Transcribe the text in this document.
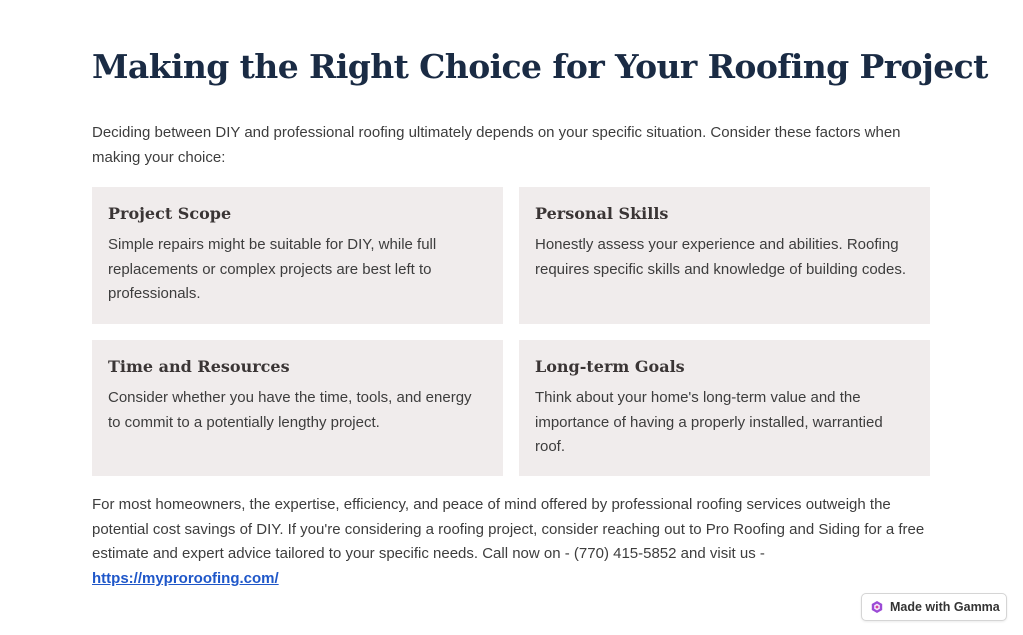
Making the Right Choice for Your Roofing Project

Deciding between DIY and professional roofing ultimately depends on your specific situation. Consider these factors when making your choice:

Project Scope

Simple repairs might be suitable for DIY, while full replacements or complex projects are best left to professionals.

Personal Skills

Honestly assess your experience and abilities. Roofing requires specific skills and knowledge of building codes.

Time and Resources

Consider whether you have the time, tools, and energy to commit to a potentially lengthy project.

Long-term Goals

Think about your home's long-term value and the importance of having a properly installed, warrantied roof.

For most homeowners, the expertise, efficiency, and peace of mind offered by professional roofing services outweigh the potential cost savings of DIY. If you're considering a roofing project, consider reaching out to Pro Roofing and Siding for a free estimate and expert advice tailored to your specific needs. Call now on - (770) 415-5852 and visit us -
https://myproroofing.com/

Made with Gamma
